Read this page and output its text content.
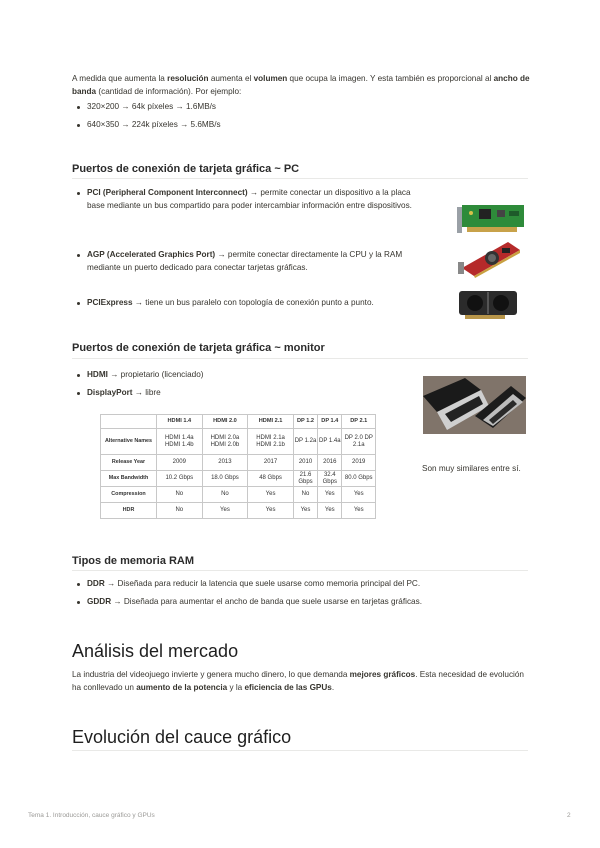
A medida que aumenta la resolución aumenta el volumen que ocupa la imagen. Y esta también es proporcional al ancho de banda (cantidad de información). Por ejemplo:

320×200 → 64k píxeles → 1.6MB/s
640×350 → 224k píxeles → 5.6MB/s
Puertos de conexión de tarjeta gráfica ~ PC
PCI (Peripheral Component Interconnect) → permite conectar un dispositivo a la placa base mediante un bus compartido para poder intercambiar información entre dispositivos.
AGP (Accelerated Graphics Port) → permite conectar directamente la CPU y la RAM mediante un puerto dedicado para conectar tarjetas gráficas.
PCIExpress → tiene un bus paralelo con topología de conexión punto a punto.
Puertos de conexión de tarjeta gráfica ~ monitor
HDMI → propietario (licenciado)
DisplayPort → libre
	HDMI 1.4	HDMI 2.0	HDMI 2.1	DP 1.2	DP 1.4	DP 2.1
Alternative Names	HDMI 1.4a HDMI 1.4b	HDMI 2.0a HDMI 2.0b	HDMI 2.1a HDMI 2.1b	DP 1.2a	DP 1.4a	DP 2.0 DP 2.1a
Release Year	2009	2013	2017	2010	2016	2019
Max Bandwidth	10.2 Gbps	18.0 Gbps	48 Gbps	21.6 Gbps	32.4 Gbps	80.0 Gbps
Compression	No	No	Yes	No	Yes	Yes
HDR	No	Yes	Yes	Yes	Yes	Yes

Son muy similares entre sí.

Tipos de memoria RAM
DDR → Diseñada para reducir la latencia que suele usarse como memoria principal del PC.
GDDR → Diseñada para aumentar el ancho de banda que suele usarse en tarjetas gráficas.
Análisis del mercado

La industria del videojuego invierte y genera mucho dinero, lo que demanda mejores gráficos. Esta necesidad de evolución ha conllevado un aumento de la potencia y la eficiencia de las GPUs.

Evolución del cauce gráfico
Tema 1. Introducción, cauce gráfico y GPUs	2
